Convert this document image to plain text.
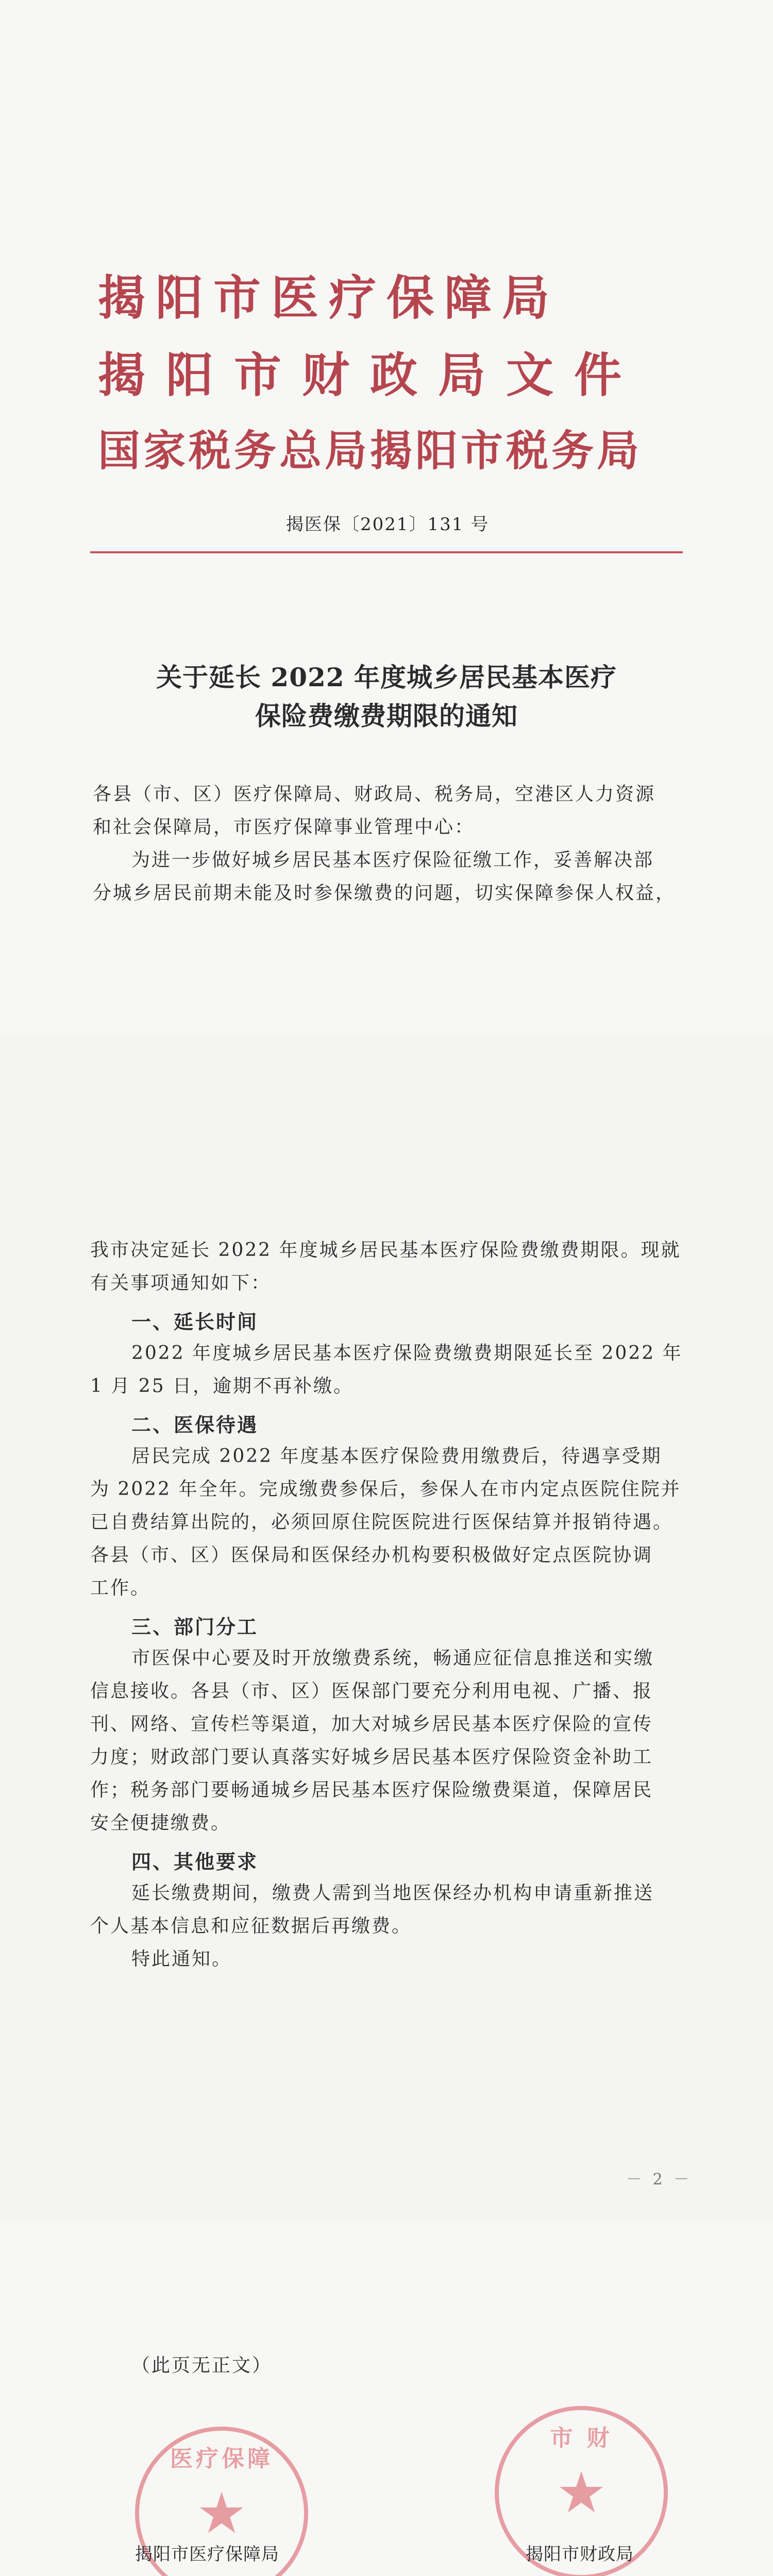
揭阳市医疗保障局
揭阳市财政局文件
国家税务总局揭阳市税务局
揭医保〔2021〕131 号
关于延长 2022 年度城乡居民基本医疗
保险费缴费期限的通知

各县（市、区）医疗保障局、财政局、税务局，空港区人力资源

和社会保障局，市医疗保障事业管理中心：

为进一步做好城乡居民基本医疗保险征缴工作，妥善解决部

分城乡居民前期未能及时参保缴费的问题，切实保障参保人权益，

我市决定延长 2022 年度城乡居民基本医疗保险费缴费期限。现就

有关事项通知如下：

一、延长时间

2022 年度城乡居民基本医疗保险费缴费期限延长至 2022 年

1 月 25 日，逾期不再补缴。

二、医保待遇

居民完成 2022 年度基本医疗保险费用缴费后，待遇享受期

为 2022 年全年。完成缴费参保后，参保人在市内定点医院住院并

已自费结算出院的，必须回原住院医院进行医保结算并报销待遇。

各县（市、区）医保局和医保经办机构要积极做好定点医院协调

工作。

三、部门分工

市医保中心要及时开放缴费系统，畅通应征信息推送和实缴

信息接收。各县（市、区）医保部门要充分利用电视、广播、报

刊、网络、宣传栏等渠道，加大对城乡居民基本医疗保险的宣传

力度；财政部门要认真落实好城乡居民基本医疗保险资金补助工

作；税务部门要畅通城乡居民基本医疗保险缴费渠道，保障居民

安全便捷缴费。

四、其他要求

延长缴费期间，缴费人需到当地医保经办机构申请重新推送

个人基本信息和应征数据后再缴费。

特此通知。

－ 2 －
（此页无正文）
医疗保障
★
揭阳市医疗保障局
市 财
★
揭阳市财政局
